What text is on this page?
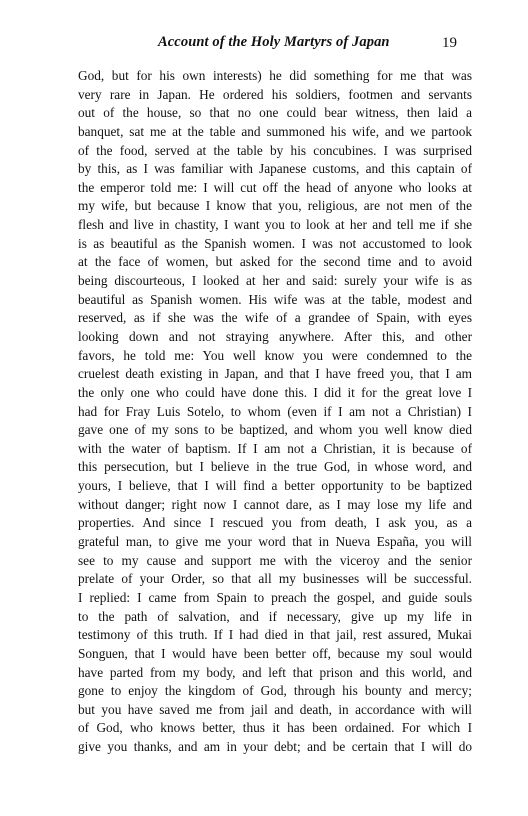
Account of the Holy Martyrs of Japan	19
God, but for his own interests) he did something for me that was
very rare in Japan. He ordered his soldiers, footmen and servants
out of the house, so that no one could bear witness, then laid a
banquet, sat me at the table and summoned his wife, and we partook
of the food, served at the table by his concubines. I was surprised
by this, as I was familiar with Japanese customs, and this captain of
the emperor told me: I will cut off the head of anyone who looks at
my wife, but because I know that you, religious, are not men of the
flesh and live in chastity, I want you to look at her and tell me if she
is as beautiful as the Spanish women. I was not accustomed to look
at the face of women, but asked for the second time and to avoid
being discourteous, I looked at her and said: surely your wife is as
beautiful as Spanish women. His wife was at the table, modest and
reserved, as if she was the wife of a grandee of Spain, with eyes
looking down and not straying anywhere. After this, and other
favors, he told me: You well know you were condemned to the
cruelest death existing in Japan, and that I have freed you, that I am
the only one who could have done this. I did it for the great love I
had for Fray Luis Sotelo, to whom (even if I am not a Christian) I
gave one of my sons to be baptized, and whom you well know died
with the water of baptism. If I am not a Christian, it is because of
this persecution, but I believe in the true God, in whose word, and
yours, I believe, that I will find a better opportunity to be baptized
without danger; right now I cannot dare, as I may lose my life and
properties. And since I rescued you from death, I ask you, as a
grateful man, to give me your word that in Nueva España, you will
see to my cause and support me with the viceroy and the senior
prelate of your Order, so that all my businesses will be successful.
I replied: I came from Spain to preach the gospel, and guide souls
to the path of salvation, and if necessary, give up my life in
testimony of this truth. If I had died in that jail, rest assured, Mukai
Songuen, that I would have been better off, because my soul would
have parted from my body, and left that prison and this world, and
gone to enjoy the kingdom of God, through his bounty and mercy;
but you have saved me from jail and death, in accordance with will
of God, who knows better, thus it has been ordained. For which I
give you thanks, and am in your debt; and be certain that I will do
